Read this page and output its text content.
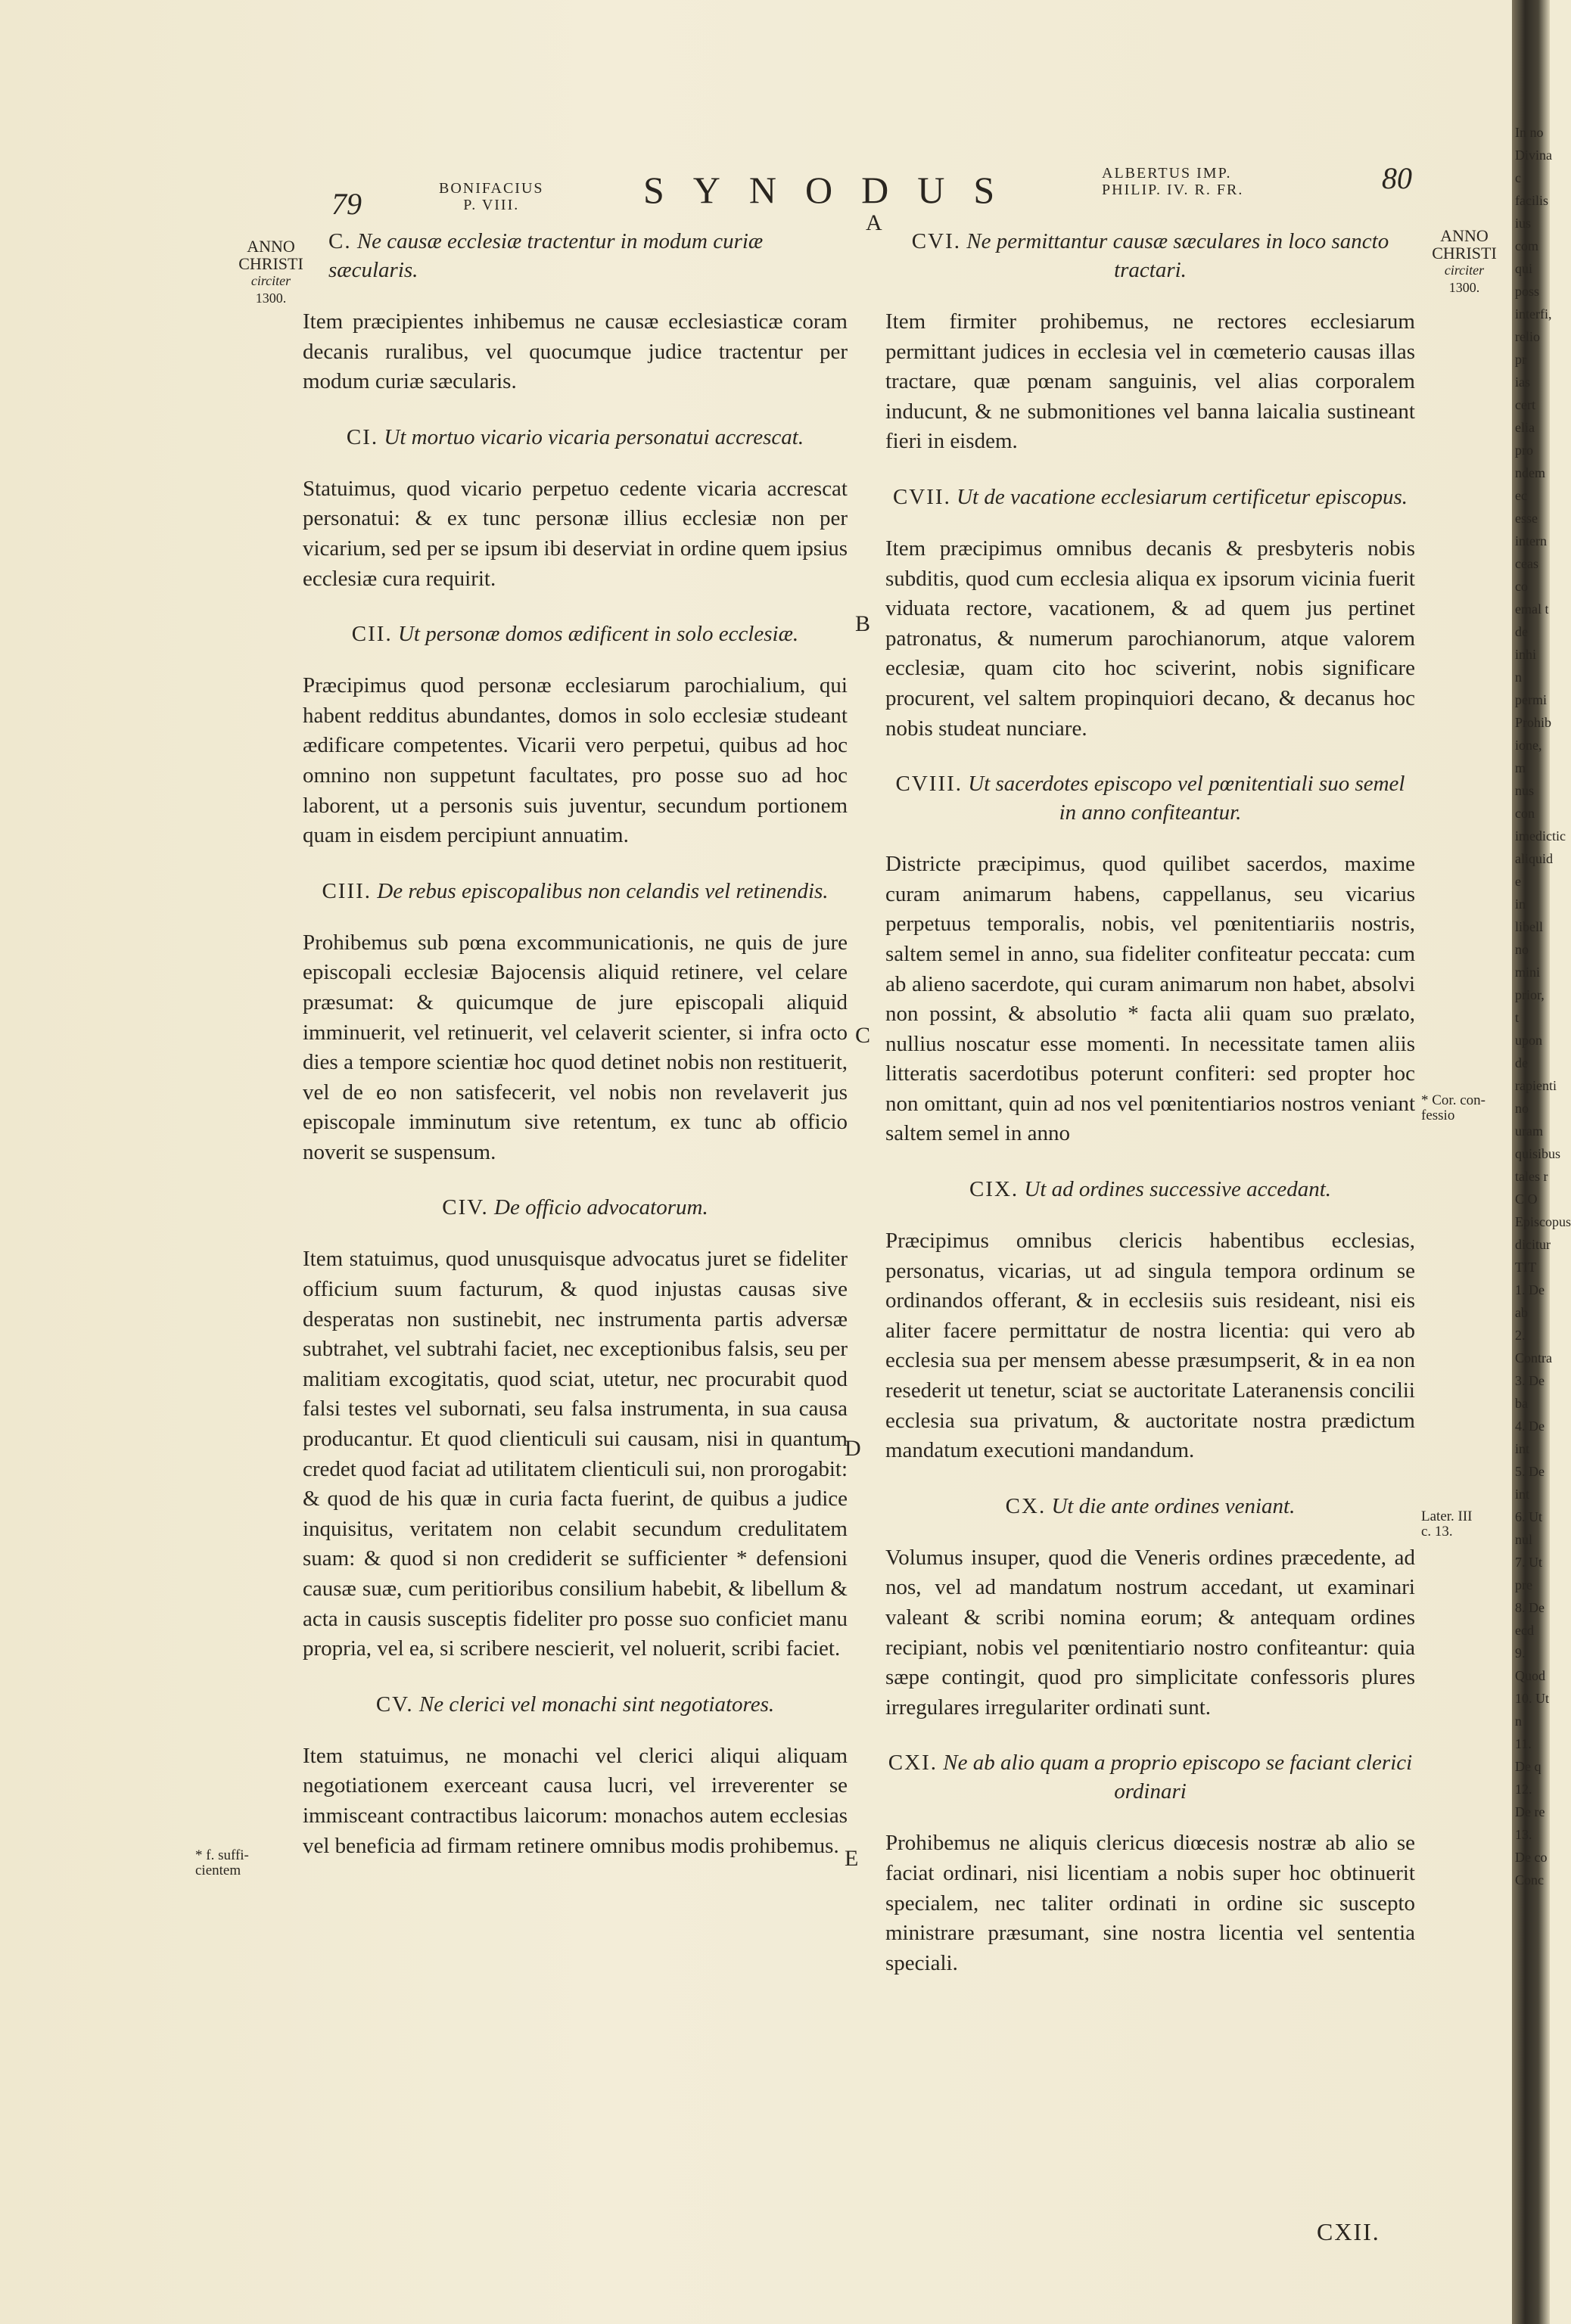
79	BONIFACIUS
P. VIII.	SYNODUS	ALBERTUS IMP.
PHILIP. IV. R. FR.	80
ANNO
CHRISTI
circiter
1300.
* f. suffi-
cientem
ANNO
CHRISTI
circiter
1300.
* Cor. con-
fessio
Later. III
c. 13.
A
B
C
D
E
C. Ne causæ ecclesiæ tractentur in modum curiæ sæcularis.

Item præcipientes inhibemus ne causæ ecclesiasticæ coram decanis ruralibus, vel quocumque judice tractentur per modum curiæ sæcularis.

CI. Ut mortuo vicario vicaria personatui accrescat.

Statuimus, quod vicario perpetuo cedente vicaria accrescat personatui: & ex tunc personæ illius ecclesiæ non per vicarium, sed per se ipsum ibi deserviat in ordine quem ipsius ecclesiæ cura requirit.

CII. Ut personæ domos ædificent in solo ecclesiæ.

Præcipimus quod personæ ecclesiarum parochialium, qui habent redditus abundantes, domos in solo ecclesiæ studeant ædificare competentes. Vicarii vero perpetui, quibus ad hoc omnino non suppetunt facultates, pro posse suo ad hoc laborent, ut a personis suis juventur, secundum portionem quam in eisdem percipiunt annuatim.

CIII. De rebus episcopalibus non celandis vel retinendis.

Prohibemus sub pœna excommunicationis, ne quis de jure episcopali ecclesiæ Bajocensis aliquid retinere, vel celare præsumat: & quicumque de jure episcopali aliquid imminuerit, vel retinuerit, vel celaverit scienter, si infra octo dies a tempore scientiæ hoc quod detinet nobis non restituerit, vel de eo non satisfecerit, vel nobis non revelaverit jus episcopale imminutum sive retentum, ex tunc ab officio noverit se suspensum.

CIV. De officio advocatorum.

Item statuimus, quod unusquisque advocatus juret se fideliter officium suum facturum, & quod injustas causas sive desperatas non sustinebit, nec instrumenta partis adversæ subtrahet, vel subtrahi faciet, nec exceptionibus falsis, seu per malitiam excogitatis, quod sciat, utetur, nec procurabit quod falsi testes vel subornati, seu falsa instrumenta, in sua causa producantur. Et quod clienticuli sui causam, nisi in quantum credet quod faciat ad utilitatem clienticuli sui, non prorogabit: & quod de his quæ in curia facta fuerint, de quibus a judice inquisitus, veritatem non celabit secundum credulitatem suam: & quod si non crediderit se sufficienter * defensioni causæ suæ, cum peritioribus consilium habebit, & libellum & acta in causis susceptis fideliter pro posse suo conficiet manu propria, vel ea, si scribere nescierit, vel noluerit, scribi faciet.

CV. Ne clerici vel monachi sint negotiatores.

Item statuimus, ne monachi vel clerici aliqui aliquam negotiationem exerceant causa lucri, vel irreverenter se immisceant contractibus laicorum: monachos autem ecclesias vel beneficia ad firmam retinere omnibus modis prohibemus.

CVI. Ne permittantur causæ sæculares in loco sancto tractari.

Item firmiter prohibemus, ne rectores ecclesiarum permittant judices in ecclesia vel in cœmeterio causas illas tractare, quæ pœnam sanguinis, vel alias corporalem inducunt, & ne submonitiones vel banna laicalia sustineant fieri in eisdem.

CVII. Ut de vacatione ecclesiarum certificetur episcopus.

Item præcipimus omnibus decanis & presbyteris nobis subditis, quod cum ecclesia aliqua ex ipsorum vicinia fuerit viduata rectore, vacationem, & ad quem jus pertinet patronatus, & numerum parochianorum, atque valorem ecclesiæ, quam cito hoc sciverint, nobis significare procurent, vel saltem propinquiori decano, & decanus hoc nobis studeat nunciare.

CVIII. Ut sacerdotes episcopo vel pœnitentiali suo semel in anno confiteantur.

Districte præcipimus, quod quilibet sacerdos, maxime curam animarum habens, cappellanus, seu vicarius perpetuus temporalis, nobis, vel pœnitentiariis nostris, saltem semel in anno, sua fideliter confiteatur peccata: cum ab alieno sacerdote, qui curam animarum non habet, absolvi non possint, & absolutio * facta alii quam suo prælato, nullius noscatur esse momenti. In necessitate tamen aliis litteratis sacerdotibus poterunt confiteri: sed propter hoc non omittant, quin ad nos vel pœnitentiarios nostros veniant saltem semel in anno

CIX. Ut ad ordines successive accedant.

Præcipimus omnibus clericis habentibus ecclesias, personatus, vicarias, ut ad singula tempora ordinum se ordinandos offerant, & in ecclesiis suis resideant, nisi eis aliter facere permittatur de nostra licentia: qui vero ab ecclesia sua per mensem abesse præsumpserit, & in ea non resederit ut tenetur, sciat se auctoritate Lateranensis concilii ecclesia sua privatum, & auctoritate nostra prædictum mandatum executioni mandandum.

CX. Ut die ante ordines veniant.

Volumus insuper, quod die Veneris ordines præcedente, ad nos, vel ad mandatum nostrum accedant, ut examinari valeant & scribi nomina eorum; & antequam ordines recipiant, nobis vel pœnitentiario nostro confiteantur: quia sæpe contingit, quod pro simplicitate confessoris plures irregulares irregulariter ordinati sunt.

CXI. Ne ab alio quam a proprio episcopo se faciant clerici ordinari

Prohibemus ne aliquis clericus diœcesis nostræ ab alio se faciat ordinari, nisi licentiam a nobis super hoc obtinuerit specialem, nec taliter ordinati in ordine sic suscepto ministrare præsumant, sine nostra licentia vel sententia speciali.

CXII.
In no
Divina c
facilis
ius com
qui poss
interfi,
relio pr
ias cert
elia pro
ndem ec
esse intern
ceas co
emal t
de inhi
n permi
Prohib
ione, m
nus con
imedictic
aliquid e
in libell
no mini
prior, t
upon de
rapienti
no uram
quisibus
tales r
C O
Episcopus
dicitur
TIT
1. De ab
2. Contra
3. De ba
4. De int
5. De int
6. Ut nul
7. Ut pre
8. De ecd
9. Quod
10. Ut n
11. De q
12. De re
13. De co
Conc
